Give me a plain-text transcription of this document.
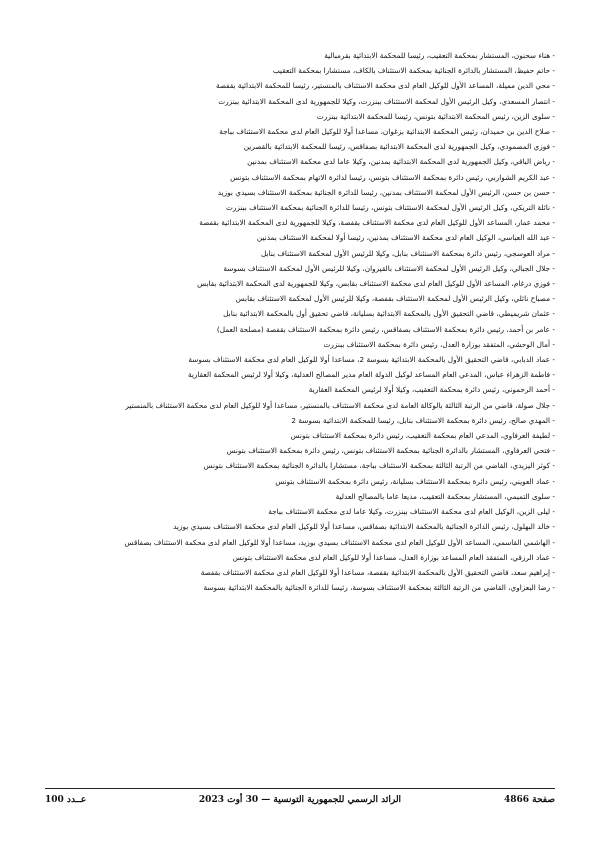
- هناء سحنون، المستشار بمحكمة التعقيب، رئيسا للمحكمة الابتدائية بقرمبالية
- حاتم حفيظ، المستشار بالدائرة الجنائية بمحكمة الاستئناف بالكاف، مستشارا بمحكمة التعقيب
- محي الدين مميلة، المساعد الأول للوكيل العام لدى محكمة الاستئناف بالمنستير، رئيسا للمحكمة الابتدائية بقفصة
- انتصار المسعدي، وكيل الرئيس الأول لمحكمة الاستئناف ببنزرت، وكيلا للجمهورية لدى المحكمة الابتدائية ببنزرت
- سلوى الزين، رئيس المحكمة الابتدائية بتونس، رئيسا للمحكمة الابتدائية ببنزرت
- صلاح الدين بن حميدان، رئيس المحكمة الابتدائية بزغوان، مساعدا أولا للوكيل العام لدى محكمة الاستئناف بباجة
- فوزي المصمودي، وكيل الجمهورية لدى المحكمة الابتدائية بصفاقس، رئيسا للمحكمة الابتدائية بالقصرين
- رياض الباقي، وكيل الجمهورية لدى المحكمة الابتدائية بمدنين، وكيلا عاما لدى محكمة الاستئناف بمدنين
- عبد الكريم الشواربي، رئيس دائرة بمحكمة الاستئناف بتونس، رئيسا لدائرة الاتهام بمحكمة الاستئناف بتونس
- حسن بن حسن، الرئيس الأول لمحكمة الاستئناف بمدنين، رئيسا للدائرة الجنائية بمحكمة الاستئناف بسيدي بوزيد
- نائلة التريكي، وكيل الرئيس الأول لمحكمة الاستئناف بتونس، رئيسا للدائرة الجنائية بمحكمة الاستئناف ببنزرت
- محمد عمار، المساعد الأول للوكيل العام لدى محكمة الاستئناف بقفصة، وكيلا للجمهورية لدى المحكمة الابتدائية بقفصة
- عبد الله العباسي، الوكيل العام لدى محكمة الاستئناف بمدنين، رئيسا أولا لمحكمة الاستئناف بمدنين
- مراد العوسجي، رئيس دائرة بمحكمة الاستئناف بنابل، وكيلا للرئيس الأول لمحكمة الاستئناف بنابل
- جلال الجبالي، وكيل الرئيس الأول لمحكمة الاستئناف بالقيروان، وكيلا للرئيس الأول لمحكمة الاستئناف بسوسة
- فوزي درغام، المساعد الأول للوكيل العام لدى محكمة الاستئناف بقابس، وكيلا للجمهورية لدى المحكمة الابتدائية بقابس
- مصباح نائلي، وكيل الرئيس الأول لمحكمة الاستئناف بقفصة، وكيلا للرئيس الأول لمحكمة الاستئناف بقابس
- عثمان شريميطي، قاضي التحقيق الأول بالمحكمة الابتدائية بسليانة، قاضي تحقيق أول بالمحكمة الابتدائية بنابل
- عامر بن أحمد، رئيس دائرة بمحكمة الاستئناف بصفاقس، رئيس دائرة بمحكمة الاستئناف بقفصة (مصلحة العمل)
- أمال الوحشي، المتفقد بوزارة العدل، رئيس دائرة بمحكمة الاستئناف ببنزرت
- عماد الدبابي، قاضي التحقيق الأول بالمحكمة الابتدائية بسوسة 2، مساعدا أولا للوكيل العام لدى محكمة الاستئناف بسوسة
- فاطمة الزهراء عباس، المدعي العام المساعد لوكيل الدولة العام مدير المصالح العدلية، وكيلا أولا لرئيس المحكمة العقارية
- أحمد الرحموني، رئيس دائرة بمحكمة التعقيب، وكيلا أولا لرئيس المحكمة العقارية
- جلال صولة، قاضي من الرتبة الثالثة بالوكالة العامة لدى محكمة الاستئناف بالمنستير، مساعدا أولا للوكيل العام لدى محكمة الاستئناف بالمنستير
- المهدي صالح، رئيس دائرة بمحكمة الاستئناف بنابل، رئيسا للمحكمة الابتدائية بسوسة 2
- لطيفة العرفاوي، المدعي العام بمحكمة التعقيب، رئيس دائرة بمحكمة الاستئناف بتونس
- فتحي العرفاوي، المستشار بالدائرة الجنائية بمحكمة الاستئناف بتونس، رئيس دائرة بمحكمة الاستئناف بتونس
- كوثر اليزيدي، القاضي من الرتبة الثالثة بمحكمة الاستئناف بباجة، مستشارا بالدائرة الجنائية بمحكمة الاستئناف بتونس
- عماد العويني، رئيس دائرة بمحكمة الاستئناف بسليانة، رئيس دائرة بمحكمة الاستئناف بتونس
- سلوى التميمي، المستشار بمحكمة التعقيب، مديعا عاما بالمصالح العدلية
- ليلى الزين، الوكيل العام لدى محكمة الاستئناف ببنزرت، وكيلا عاما لدى محكمة الاستئناف بباجة
- خالد البهلول، رئيس الدائرة الجنائية بالمحكمة الابتدائية بصفاقس، مساعدا أولا للوكيل العام لدى محكمة الاستئناف بسيدي بوزيد
- الهاشمي القاسمي، المساعد الأول للوكيل العام لدى محكمة الاستئناف بسيدي بوزيد، مساعدا أولا للوكيل العام لدى محكمة الاستئناف بصفاقس
- عماد الرزقي، المتفقد العام المساعد بوزارة العدل، مساعدا أولا للوكيل العام لدى محكمة الاستئناف بتونس
- إبراهيم سعد، قاضي التحقيق الأول بالمحكمة الابتدائية بقفصة، مساعدا أولا للوكيل العام لدى محكمة الاستئناف بقفصة
- رضا البعزاوي، القاضي من الرتبة الثالثة بمحكمة الاستئناف بسوسة، رئيسا للدائرة الجنائية بالمحكمة الابتدائية بسوسة
صفحة 4866
الرائد الرسمي للجمهورية التونسية — 30 أوت 2023
عــدد 100
